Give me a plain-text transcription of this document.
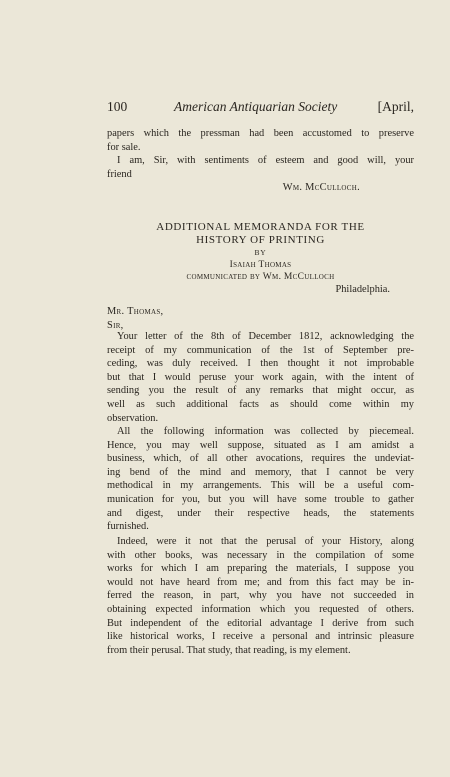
100	American Antiquarian Society	[April,
papers which the pressman had been accustomed to preserve
for sale.
I am, Sir, with sentiments of esteem and good will, your
friend
Wm. McCulloch.
ADDITIONAL MEMORANDA FOR THE
HISTORY OF PRINTING
BY
Isaiah Thomas
communicated by Wm. McCulloch
Philadelphia.
Mr. Thomas,
Sir,
Your letter of the 8th of December 1812, acknowledging the
receipt of my communication of the 1st of September pre-
ceding, was duly received. I then thought it not improbable
but that I would peruse your work again, with the intent of
sending you the result of any remarks that might occur, as
well as such additional facts as should come within my
observation.
All the following information was collected by piecemeal.
Hence, you may well suppose, situated as I am amidst a
business, which, of all other avocations, requires the undeviat-
ing bend of the mind and memory, that I cannot be very
methodical in my arrangements. This will be a useful com-
munication for you, but you will have some trouble to gather
and digest, under their respective heads, the statements
furnished.
Indeed, were it not that the perusal of your History, along
with other books, was necessary in the compilation of some
works for which I am preparing the materials, I suppose you
would not have heard from me; and from this fact may be in-
ferred the reason, in part, why you have not succeeded in
obtaining expected information which you requested of others.
But independent of the editorial advantage I derive from such
like historical works, I receive a personal and intrinsic pleasure
from their perusal. That study, that reading, is my element.
